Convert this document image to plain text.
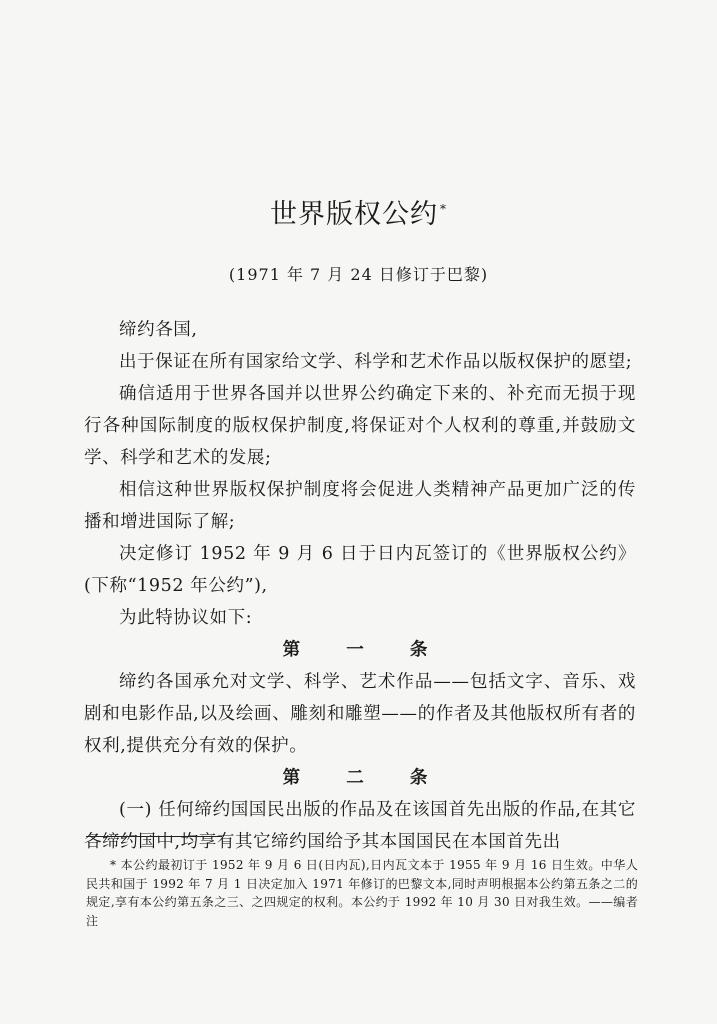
世界版权公约 *
(1971 年 7 月 24 日修订于巴黎)

缔约各国,

出于保证在所有国家给文学、科学和艺术作品以版权保护的愿望;

确信适用于世界各国并以世界公约确定下来的、补充而无损于现行各种国际制度的版权保护制度,将保证对个人权利的尊重,并鼓励文学、科学和艺术的发展;

相信这种世界版权保护制度将会促进人类精神产品更加广泛的传播和增进国际了解;

决定修订 1952 年 9 月 6 日于日内瓦签订的《世界版权公约》(下称“1952 年公约”),

为此特协议如下:

第 一 条

缔约各国承允对文学、科学、艺术作品——包括文字、音乐、戏剧和电影作品,以及绘画、雕刻和雕塑——的作者及其他版权所有者的权利,提供充分有效的保护。

第 二 条

(一) 任何缔约国国民出版的作品及在该国首先出版的作品,在其它各缔约国中,均享有其它缔约国给予其本国国民在本国首先出

* 本公约最初订于 1952 年 9 月 6 日(日内瓦),日内瓦文本于 1955 年 9 月 16 日生效。中华人民共和国于 1992 年 7 月 1 日决定加入 1971 年修订的巴黎文本,同时声明根据本公约第五条之二的规定,享有本公约第五条之三、之四规定的权利。本公约于 1992 年 10 月 30 日对我生效。——编者注
